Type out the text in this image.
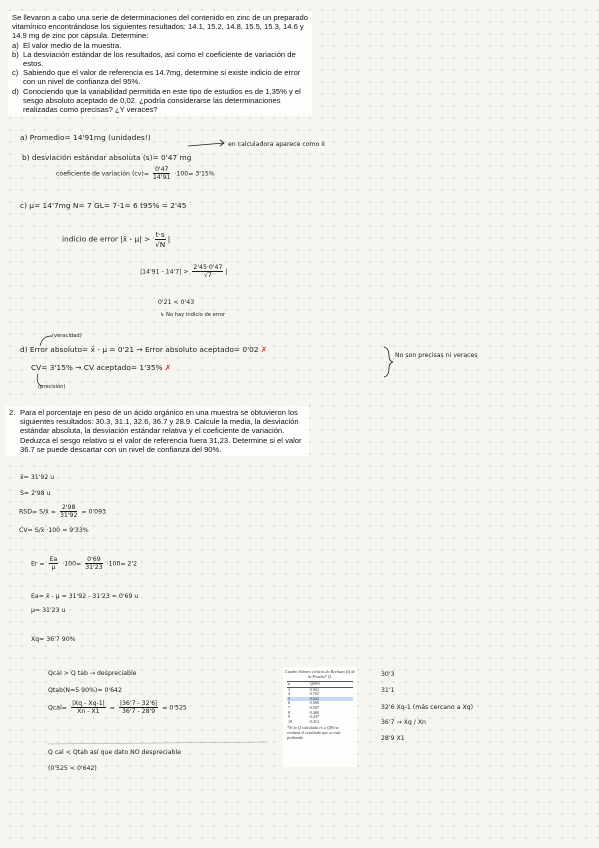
Se llevaron a cabo una serie de determinaciones del contenido en zinc de un preparado vitamínico encontrándose los siguientes resultados: 14.1, 15.2, 14.8, 15.5, 15.3, 14.6 y 14.9 mg de zinc por cápsula. Determine:

a) El valor medio de la muestra.
b) La desviación estándar de los resultados, así como el coeficiente de variación de estos.
c) Sabiendo que el valor de referencia es 14.7mg, determine si existe indicio de error con un nivel de confianza del 95%.
d) Conociendo que la variabilidad permitida en este tipo de estudios es de 1,35% y el sesgo absoluto aceptado de 0,02. ¿podría considerarse las determinaciones realizadas como precisas? ¿Y veraces?
a) Promedio= 14'91mg (unidades!)
en calculadora aparece como x̄
b) desviación estándar absoluta (s)= 0'47 mg
coeficiente de variación $(cv)= \frac{0'47}{14'91} \cdot 100= 3'15\%$
c) μ= 14'7mg N= 7 GL= 7-1= 6 t95% = 2'45
indicio de error |x̄ - $\mu| > \frac{t\cdot s}{√N}$ |
$|14'91 - 14'7| > \frac{2'45\cdot 0'47}{√7}$ |
0'21 < 0'43
↳ No hay indicio de error
(veracidad)
d) Error absoluto= x̄ - μ = 0'21 → Error absoluto aceptado= 0'02 ✗
CV= 3'15% → CV aceptado= 1'35% ✗
(precisión)
No son precisas ni veraces
2. Para el porcentaje en peso de un ácido orgánico en una muestra se obtuvieron los siguientes resultados: 30.3, 31.1, 32.6, 36.7 y 28.9. Calcule la media, la desviación estándar absoluta, la desviación estándar relativa y el coeficiente de variación. Deduzca el sesgo relativo si el valor de referencia fuera 31,23. Determine si el valor 36.7 se puede descartar con un nivel de confianza del 90%.
x̄= 31'92 u
S= 2'98 u
RSD= S/x̄ = $\frac{2'98}{31'92} = 0'093$
CV= S/x̄ ·100 = 9'33%
$Er = \frac{Ea}{\mu} \cdot 100= \frac{0'69}{31'23} \cdot 100= 2'2$
Ea= x̄ - μ = 31'92 - 31'23 = 0'69 u
μ= 31'23 u
Xq= 36'7 90%
Qcal > Q tab → despreciable
Qtab(N=5 90%)= 0'642
Qcal= $\frac{|Xq - Xq-1|}{Xn - X1} = \frac{|36'7 - 32'6|}{36'7 - 28'9} = 0'525$
Q cal < Qtab así que dato NO despreciable
(0'525 < 0'642)
30'3
31'1
32'6 Xq-1 (más cercano a Xq)
36'7 → Xq / Xn
28'9 X1
Cuadro Valores críticos de Rechazo (Q de la Prueba* Q.
n	Q90%
3	0.941
4	0.765
5	0.642
6	0.560
7	0.507
8	0.468
9	0.437
10	0.412
*Si la Q calculada es ≥ Q90 se rechaza el resultado que se está probando
